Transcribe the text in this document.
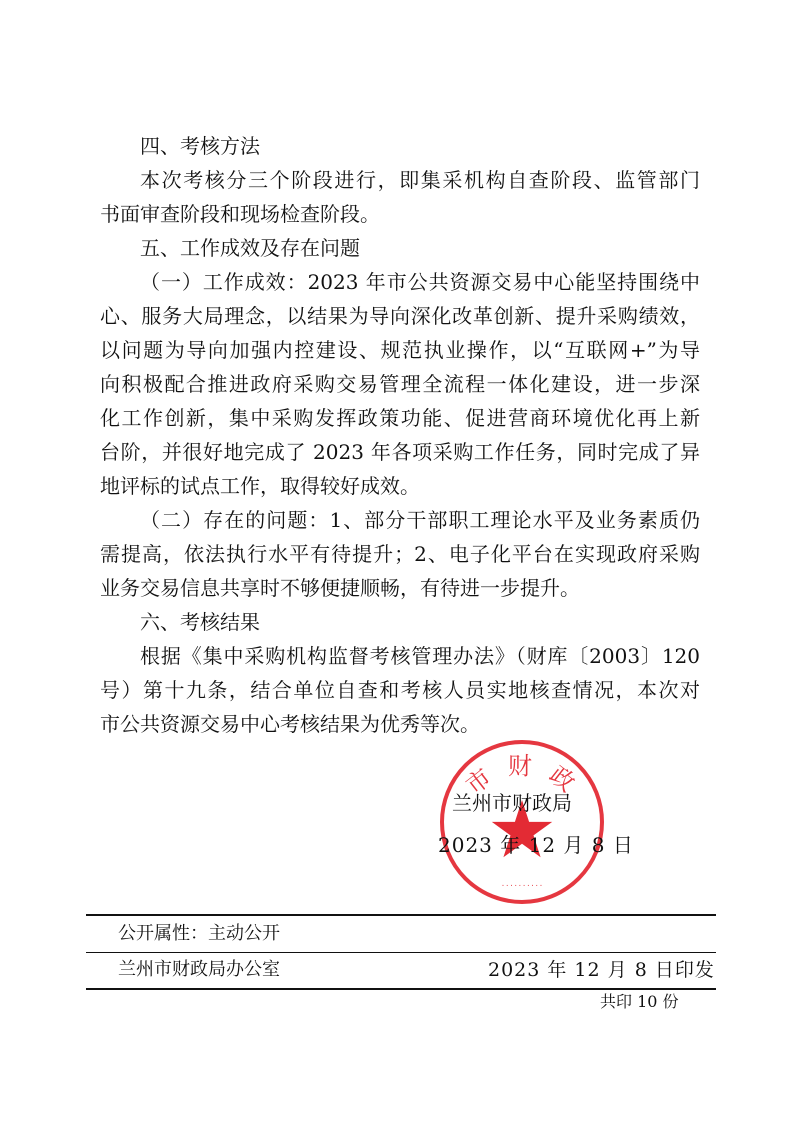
四、考核方法
本次考核分三个阶段进行，即集采机构自查阶段、监管部门
书面审查阶段和现场检查阶段。
五、工作成效及存在问题
（一）工作成效：2023 年市公共资源交易中心能坚持围绕中
心、服务大局理念，以结果为导向深化改革创新、提升采购绩效，
以问题为导向加强内控建设、规范执业操作，以“互联网+”为导
向积极配合推进政府采购交易管理全流程一体化建设，进一步深
化工作创新，集中采购发挥政策功能、促进营商环境优化再上新
台阶，并很好地完成了 2023 年各项采购工作任务，同时完成了异
地评标的试点工作，取得较好成效。
（二）存在的问题：1、部分干部职工理论水平及业务素质仍
需提高，依法执行水平有待提升；2、电子化平台在实现政府采购
业务交易信息共享时不够便捷顺畅，有待进一步提升。
六、考核结果
根据《集中采购机构监督考核管理办法》（财库〔2003〕120
号）第十九条，结合单位自查和考核人员实地核查情况，本次对
市公共资源交易中心考核结果为优秀等次。
市 财 政
··········
兰州市财政局
2023 年 12 月 8 日
公开属性：主动公开
兰州市财政局办公室	2023 年 12 月 8 日印发
共印 10 份
